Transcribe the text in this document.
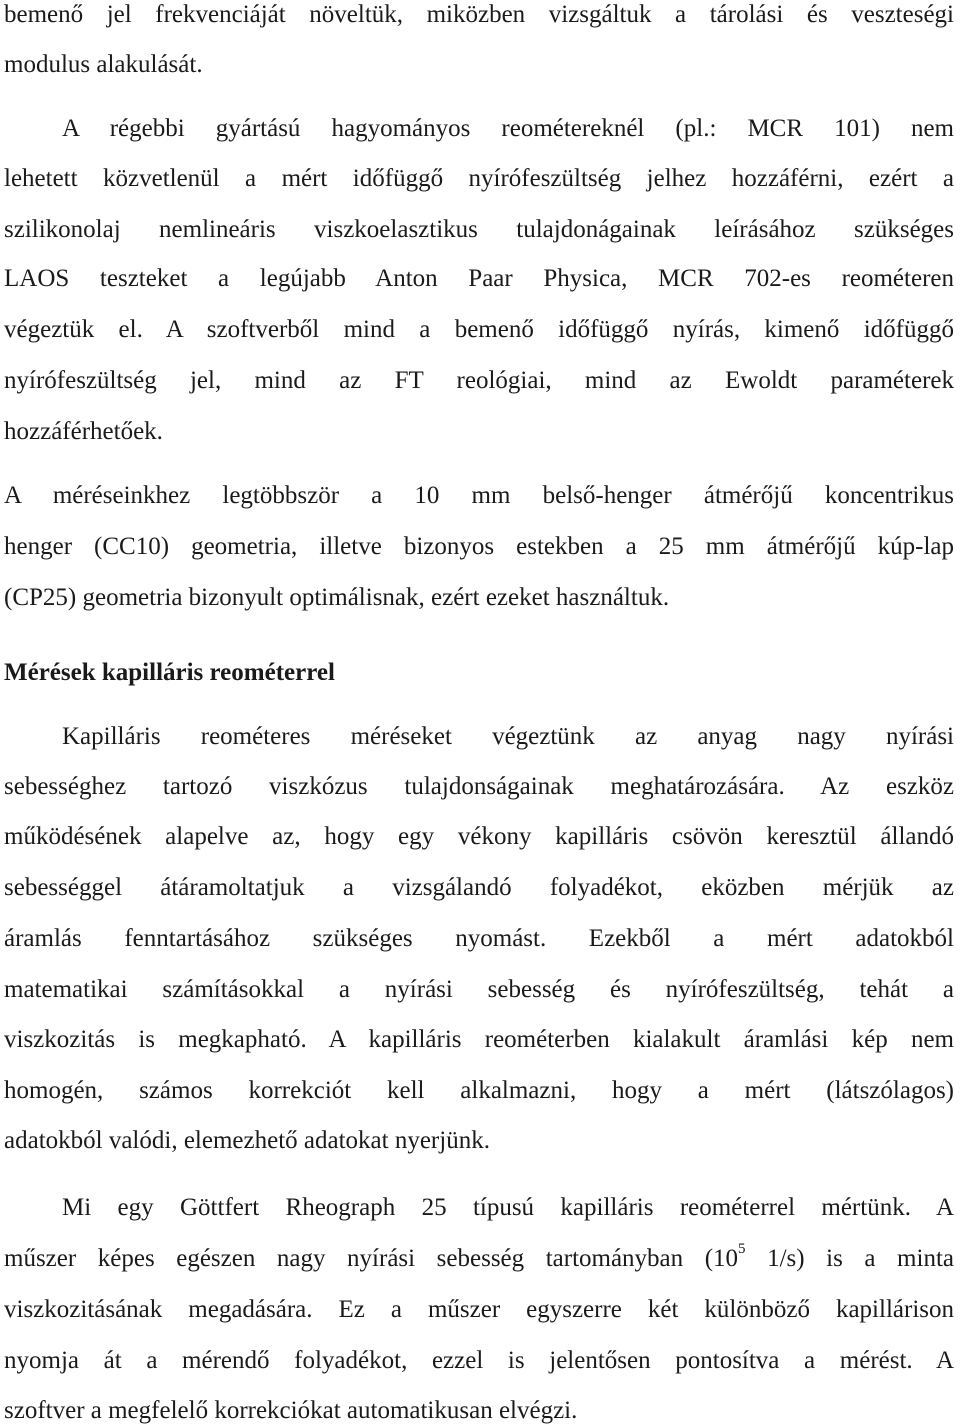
Mérések kapilláris reométerrel
bemenő jel frekvenciáját növeltük, miközben vizsgáltuk a tárolási és veszteségi
modulus alakulását.
A régebbi gyártású hagyományos reométereknél (pl.: MCR 101) nem
lehetett közvetlenül a mért időfüggő nyírófeszültség jelhez hozzáférni, ezért a
szilikonolaj nemlineáris viszkoelasztikus tulajdonágainak leírásához szükséges
LAOS teszteket a legújabb Anton Paar Physica, MCR 702-es reométeren
végeztük el. A szoftverből mind a bemenő időfüggő nyírás, kimenő időfüggő
nyírófeszültség jel, mind az FT reológiai, mind az Ewoldt paraméterek
hozzáférhetőek.
A méréseinkhez legtöbbször a 10 mm belső-henger átmérőjű koncentrikus
henger (CC10) geometria, illetve bizonyos estekben a 25 mm átmérőjű kúp-lap
(CP25) geometria bizonyult optimálisnak, ezért ezeket használtuk.
Kapilláris reométeres méréseket végeztünk az anyag nagy nyírási
sebességhez tartozó viszkózus tulajdonságainak meghatározására. Az eszköz
működésének alapelve az, hogy egy vékony kapilláris csövön keresztül állandó
sebességgel átáramoltatjuk a vizsgálandó folyadékot, eközben mérjük az
áramlás fenntartásához szükséges nyomást. Ezekből a mért adatokból
matematikai számításokkal a nyírási sebesség és nyírófeszültség, tehát a
viszkozitás is megkapható. A kapilláris reométerben kialakult áramlási kép nem
homogén, számos korrekciót kell alkalmazni, hogy a mért (látszólagos)
adatokból valódi, elemezhető adatokat nyerjünk.
Mi egy Göttfert Rheograph 25 típusú kapilláris reométerrel mértünk. A
műszer képes egészen nagy nyírási sebesség tartományban ($10^5$ 1/s) is a minta
viszkozitásának megadására. Ez a műszer egyszerre két különböző kapillárison
nyomja át a mérendő folyadékot, ezzel is jelentősen pontosítva a mérést. A
szoftver a megfelelő korrekciókat automatikusan elvégzi.
